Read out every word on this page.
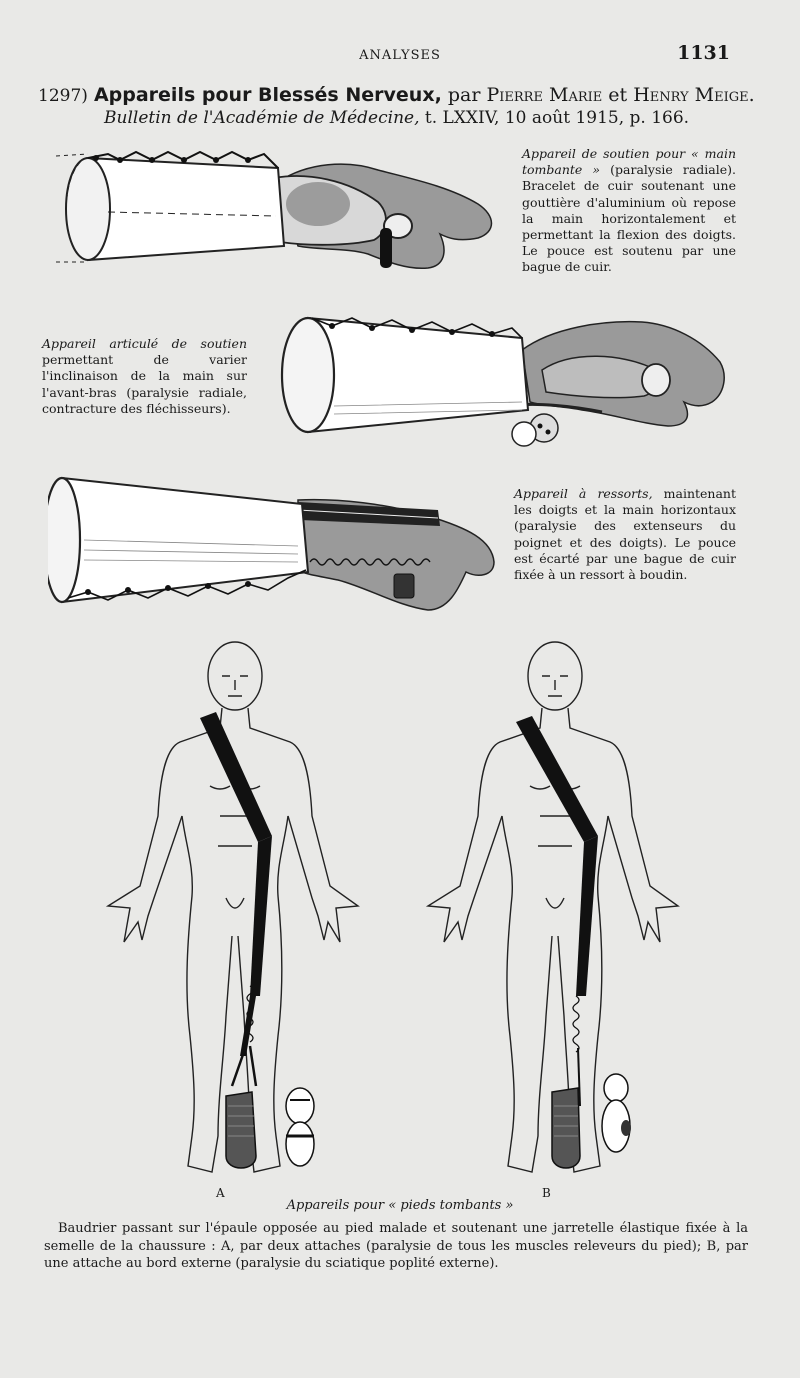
ANALYSES	1131
1297) Appareils pour Blessés Nerveux, par Pierre Marie et Henry Meige.
Bulletin de l'Académie de Médecine, t. LXXIV, 10 août 1915, p. 166.
Appareil de soutien pour « main tombante » (paralysie radiale). Bracelet de cuir soutenant une gouttière d'aluminium où repose la main horizontalement et permettant la flexion des doigts. Le pouce est soutenu par une bague de cuir.
Appareil articulé de soutien permettant de varier l'inclinaison de la main sur l'avant-bras (paralysie radiale, contracture des fléchisseurs).
Appareil à ressorts, maintenant les doigts et la main horizontaux (paralysie des extenseurs du poignet et des doigts). Le pouce est écarté par une bague de cuir fixée à un ressort à boudin.
A	B
Appareils pour « pieds tombants »
Baudrier passant sur l'épaule opposée au pied malade et soutenant une jarretelle élastique fixée à la semelle de la chaussure : A, par deux attaches (paralysie de tous les muscles releveurs du pied); B, par une attache au bord externe (paralysie du sciatique poplité externe).
